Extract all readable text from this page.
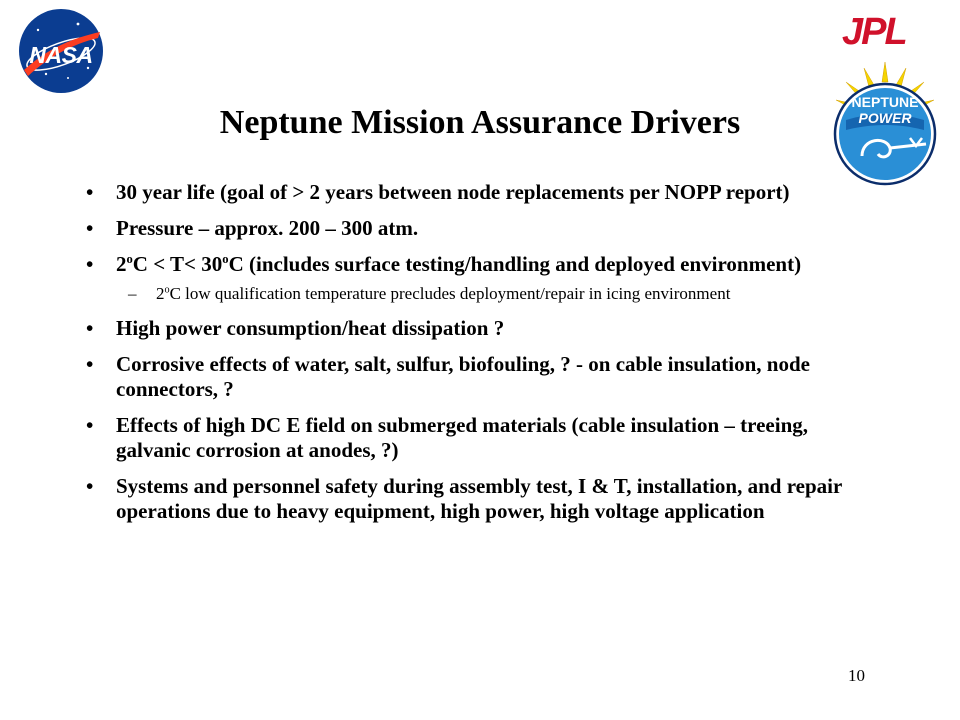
NASA
JPL
NEPTUNE
POWER
Neptune Mission Assurance Drivers
• 30 year life (goal of > 2 years between node replacements per NOPP report)
• Pressure – approx. 200 – 300 atm.
• $2^oC < T< 30^oC$ (includes surface testing/handling and deployed environment)
– 2$^o$C low qualification temperature precludes deployment/repair in icing environment
• High power consumption/heat dissipation ?
• Corrosive effects of water, salt, sulfur, biofouling, ? - on cable insulation, node connectors, ?
• Effects of high DC E field on submerged materials (cable insulation – treeing, galvanic corrosion at anodes, ?)
• Systems and personnel safety during assembly test, I & T, installation, and repair operations due to heavy equipment, high power, high voltage application
10
